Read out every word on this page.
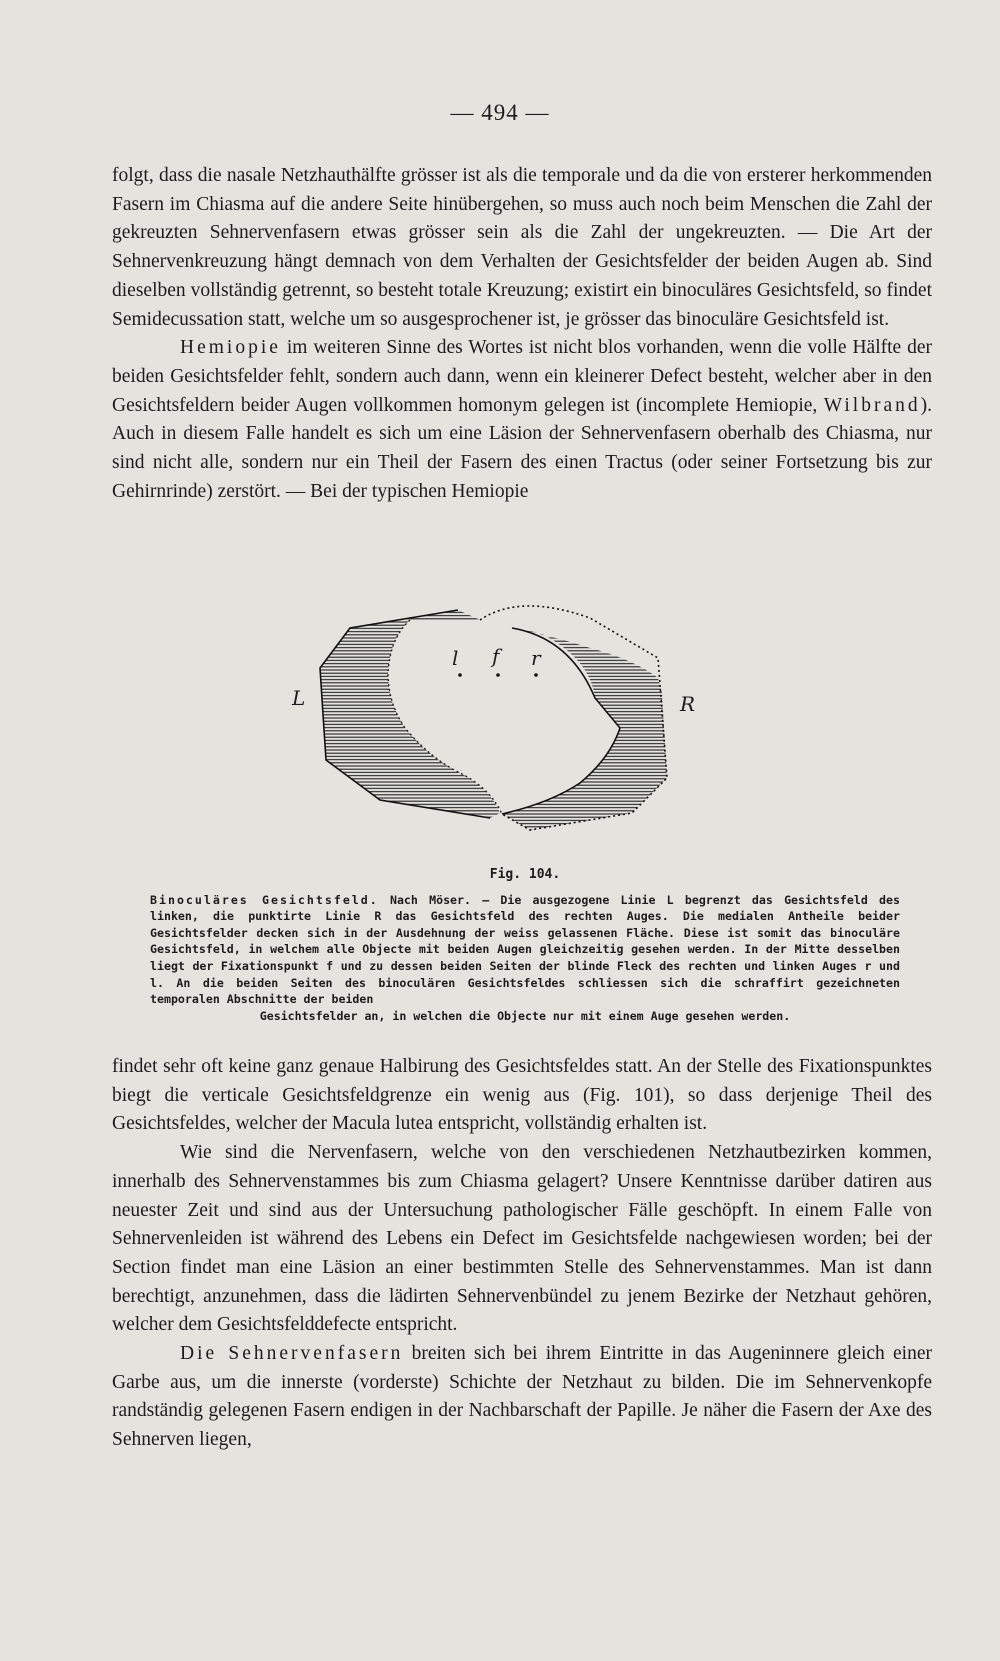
— 494 —

folgt, dass die nasale Netzhauthälfte grösser ist als die temporale und da die von ersterer herkommenden Fasern im Chiasma auf die andere Seite hinübergehen, so muss auch noch beim Menschen die Zahl der gekreuzten Sehnervenfasern etwas grösser sein als die Zahl der ungekreuzten. — Die Art der Sehnervenkreuzung hängt demnach von dem Verhalten der Gesichtsfelder der beiden Augen ab. Sind dieselben vollständig getrennt, so besteht totale Kreuzung; existirt ein binoculäres Gesichtsfeld, so findet Semidecussation statt, welche um so ausgesprochener ist, je grösser das binoculäre Gesichtsfeld ist.

Hemiopie im weiteren Sinne des Wortes ist nicht blos vorhanden, wenn die volle Hälfte der beiden Gesichtsfelder fehlt, sondern auch dann, wenn ein kleinerer Defect besteht, welcher aber in den Gesichtsfeldern beider Augen vollkommen homonym gelegen ist (incomplete Hemiopie, Wilbrand). Auch in diesem Falle handelt es sich um eine Läsion der Sehnervenfasern oberhalb des Chiasma, nur sind nicht alle, sondern nur ein Theil der Fasern des einen Tractus (oder seiner Fortsetzung bis zur Gehirnrinde) zerstört. — Bei der typischen Hemiopie

L	R
l f r
Fig. 104.
Binoculäres Gesichtsfeld. Nach Möser. — Die ausgezogene Linie L begrenzt das Gesichtsfeld des linken, die punktirte Linie R das Gesichtsfeld des rechten Auges. Die medialen Antheile beider Gesichtsfelder decken sich in der Ausdehnung der weiss gelassenen Fläche. Diese ist somit das binoculäre Gesichtsfeld, in welchem alle Objecte mit beiden Augen gleichzeitig gesehen werden. In der Mitte desselben liegt der Fixationspunkt f und zu dessen beiden Seiten der blinde Fleck des rechten und linken Auges r und l. An die beiden Seiten des binoculären Gesichtsfeldes schliessen sich die schraffirt gezeichneten temporalen Abschnitte der beiden
Gesichtsfelder an, in welchen die Objecte nur mit einem Auge gesehen werden.

findet sehr oft keine ganz genaue Halbirung des Gesichtsfeldes statt. An der Stelle des Fixationspunktes biegt die verticale Gesichtsfeldgrenze ein wenig aus (Fig. 101), so dass derjenige Theil des Gesichtsfeldes, welcher der Macula lutea entspricht, vollständig erhalten ist.

Wie sind die Nervenfasern, welche von den verschiedenen Netzhautbezirken kommen, innerhalb des Sehnervenstammes bis zum Chiasma gelagert? Unsere Kenntnisse darüber datiren aus neuester Zeit und sind aus der Untersuchung pathologischer Fälle geschöpft. In einem Falle von Sehnervenleiden ist während des Lebens ein Defect im Gesichtsfelde nachgewiesen worden; bei der Section findet man eine Läsion an einer bestimmten Stelle des Sehnervenstammes. Man ist dann berechtigt, anzunehmen, dass die lädirten Sehnervenbündel zu jenem Bezirke der Netzhaut gehören, welcher dem Gesichtsfelddefecte entspricht.

Die Sehnervenfasern breiten sich bei ihrem Eintritte in das Augeninnere gleich einer Garbe aus, um die innerste (vorderste) Schichte der Netzhaut zu bilden. Die im Sehnervenkopfe randständig gelegenen Fasern endigen in der Nachbarschaft der Papille. Je näher die Fasern der Axe des Sehnerven liegen,
